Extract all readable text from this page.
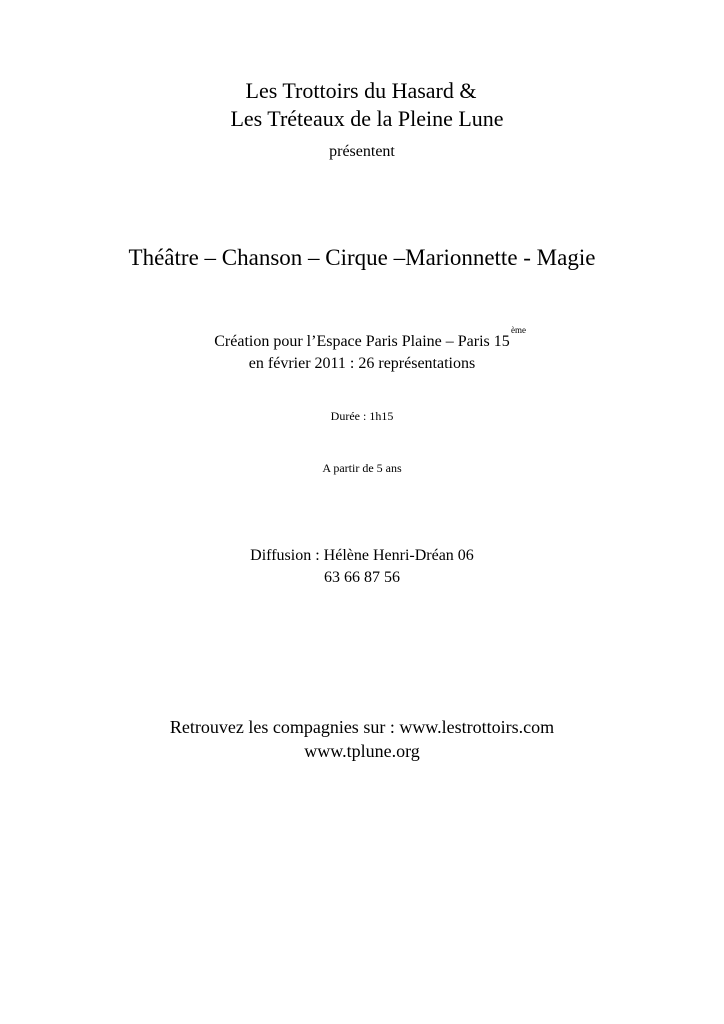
Les Trottoirs du Hasard &
Les Tréteaux de la Pleine Lune
présentent
Théâtre – Chanson – Cirque –Marionnette - Magie
Création pour l’Espace Paris Plaine – Paris 15
ème
en février 2011 : 26 représentations
Durée : 1h15
A partir de 5 ans
Diffusion : Hélène Henri-Dréan 06
63 66 87 56
Retrouvez les compagnies sur : www.lestrottoirs.com
www.tplune.org
